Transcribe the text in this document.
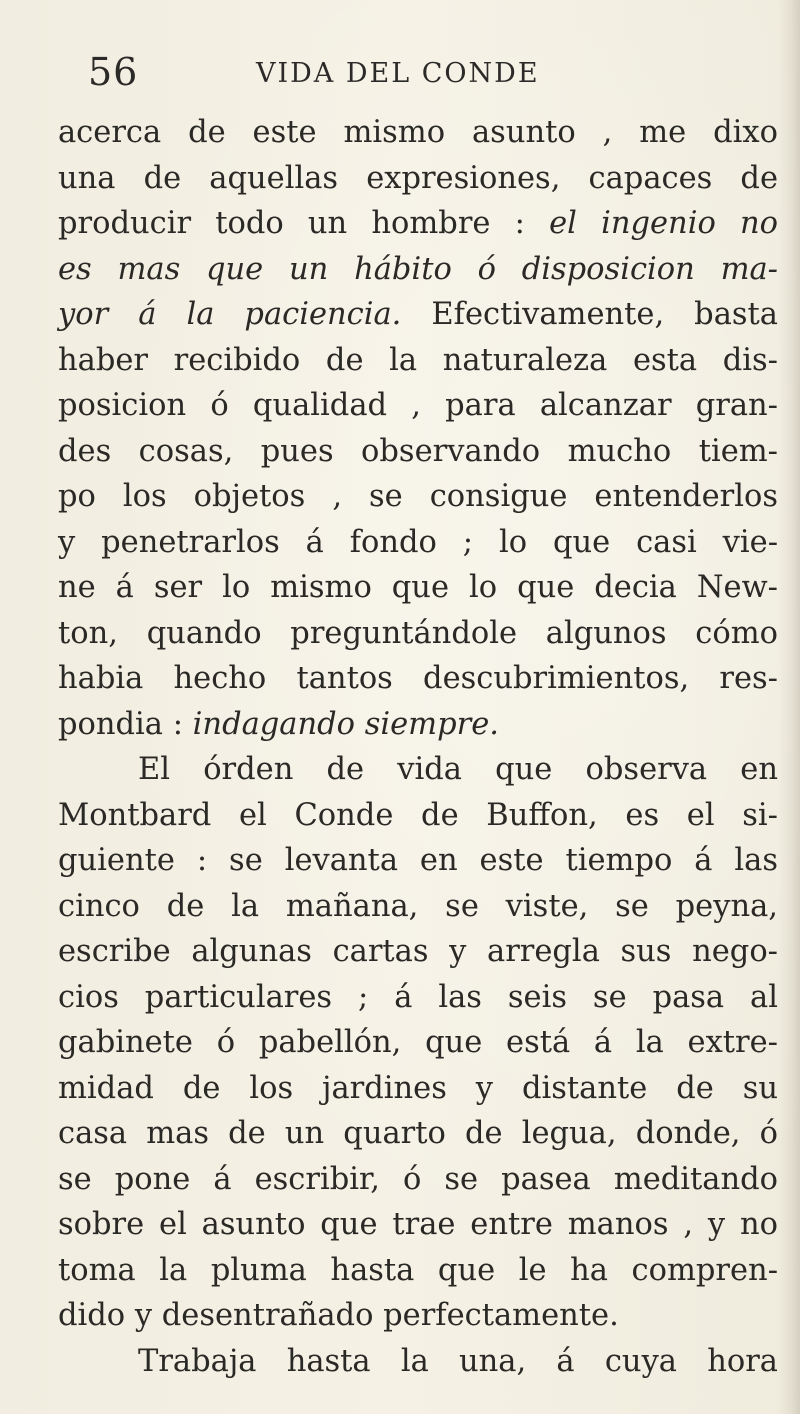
56	VIDA DEL CONDE
acerca de este mismo asunto , me dixo
una de aquellas expresiones, capaces de
producir todo un hombre : el ingenio no
es mas que un hábito ó disposicion ma-
yor á la paciencia. Efectivamente, basta
haber recibido de la naturaleza esta dis-
posicion ó qualidad , para alcanzar gran-
des cosas, pues observando mucho tiem-
po los objetos , se consigue entenderlos
y penetrarlos á fondo ; lo que casi vie-
ne á ser lo mismo que lo que decia New-
ton, quando preguntándole algunos cómo
habia hecho tantos descubrimientos, res-
pondia : indagando siempre.
El órden de vida que observa en
Montbard el Conde de Buffon, es el si-
guiente : se levanta en este tiempo á las
cinco de la mañana, se viste, se peyna,
escribe algunas cartas y arregla sus nego-
cios particulares ; á las seis se pasa al
gabinete ó pabellón, que está á la extre-
midad de los jardines y distante de su
casa mas de un quarto de legua, donde, ó
se pone á escribir, ó se pasea meditando
sobre el asunto que trae entre manos , y no
toma la pluma hasta que le ha compren-
dido y desentrañado perfectamente.
Trabaja hasta la una, á cuya hora
